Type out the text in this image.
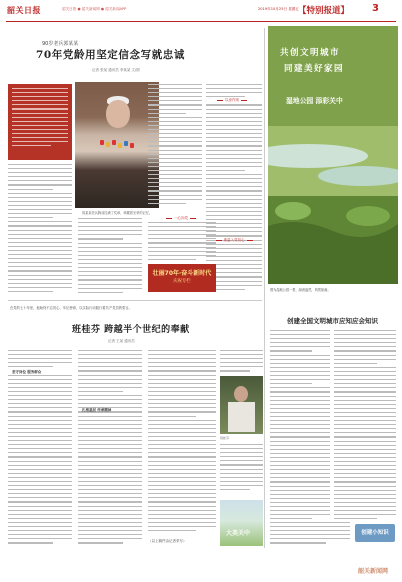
韶关日报	韶关日报 ● 韶关新闻网 ● 韶关新闻APP	2019年10月25日 星期五 【特别报道】 3
90岁老兵郭某某
70年党龄用坚定信念写就忠诚
记者 张某 通讯员 李某某 文/图
郭某某老兵胸前挂满了奖章，珍藏着光荣的记忆。
一心向党
以身作则
重温入党初心
壮丽70年·奋斗新时代
庆祝专栏
共创文明城市
同建美好家园
湿地公园 添彩关中
图为湿地公园一景，绿意盎然，风景如画。
创建全国文明城市应知应会知识
创建小知识
在党的七十年里，他始终不忘初心、牢记使命，以实际行动践行着共产党员的誓言。
班桂芬 跨越半个世纪的奉献
记者 王某 通讯员
坚守岗位 服务群众
扎根基层 传承精神
班桂芬
大美关中
（以上稿件由记者采写）
韶关新闻网
